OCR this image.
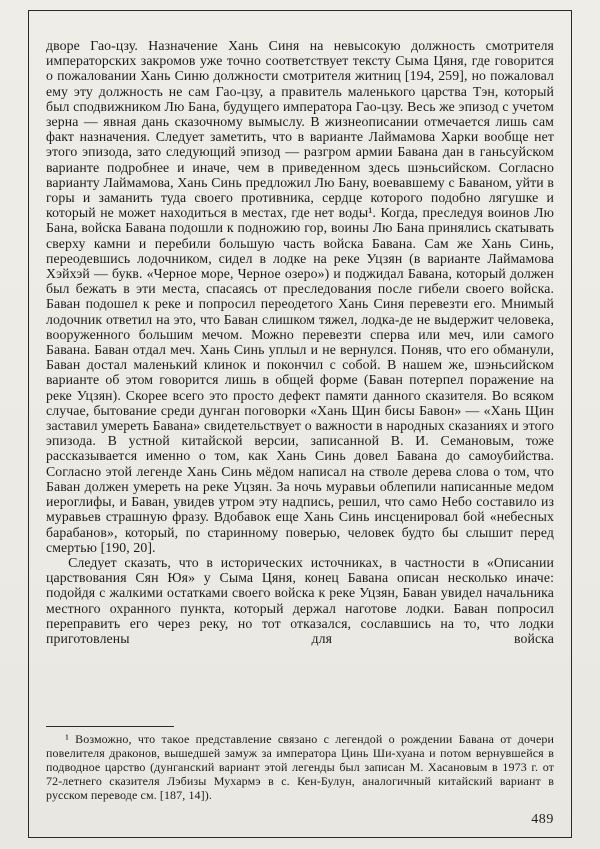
дворе Гао-цзу. Назначение Хань Синя на невысокую должность смотрителя императорских закромов уже точно соответствует тексту Сыма Цяня, где говорится о пожаловании Хань Синю должности смотрителя житниц [194, 259], но пожаловал ему эту должность не сам Гао-цзу, а правитель маленького царства Тэн, который был сподвижником Лю Бана, будущего императора Гао-цзу. Весь же эпизод с учетом зерна — явная дань сказочному вымыслу. В жизнеописании отмечается лишь сам факт назначения. Следует заметить, что в варианте Лаймамова Харки вообще нет этого эпизода, зато следующий эпизод — разгром армии Бавана дан в ганьсуйском варианте подробнее и иначе, чем в приведенном здесь шэньсийском. Согласно варианту Лаймамова, Хань Синь предложил Лю Бану, воевавшему с Баваном, уйти в горы и заманить туда своего противника, сердце которого подобно лягушке и который не может находиться в местах, где нет воды¹. Когда, преследуя воинов Лю Бана, войска Бавана подошли к подножию гор, воины Лю Бана принялись скатывать сверху камни и перебили большую часть войска Бавана. Сам же Хань Синь, переодевшись лодочником, сидел в лодке на реке Уцзян (в варианте Лаймамова Хэйхэй — букв. «Черное море, Черное озеро») и поджидал Бавана, который должен был бежать в эти места, спасаясь от преследования после гибели своего войска. Баван подошел к реке и попросил переодетого Хань Синя перевезти его. Мнимый лодочник ответил на это, что Баван слишком тяжел, лодка-де не выдержит человека, вооруженного большим мечом. Можно перевезти сперва или меч, или самого Бавана. Баван отдал меч. Хань Синь уплыл и не вернулся. Поняв, что его обманули, Баван достал маленький клинок и покончил с собой. В нашем же, шэньсийском варианте об этом говорится лишь в общей форме (Баван потерпел поражение на реке Уцзян). Скорее всего это просто дефект памяти данного сказителя. Во всяком случае, бытование среди дунган поговорки «Хань Щин бисы Бавон» — «Хань Щин заставил умереть Бавана» свидетельствует о важности в народных сказаниях и этого эпизода. В устной китайской версии, записанной В. И. Семановым, тоже рассказывается именно о том, как Хань Синь довел Бавана до самоубийства. Согласно этой легенде Хань Синь мёдом написал на стволе дерева слова о том, что Баван должен умереть на реке Уцзян. За ночь муравьи облепили написанные медом иероглифы, и Баван, увидев утром эту надпись, решил, что само Небо составило из муравьев страшную фразу. Вдобавок еще Хань Синь инсценировал бой «небесных барабанов», который, по старинному поверью, человек будто бы слышит перед смертью [190, 20].

Следует сказать, что в исторических источниках, в частности в «Описании царствования Сян Юя» у Сыма Цяня, конец Бавана описан несколько иначе: подойдя с жалкими остатками своего войска к реке Уцзян, Баван увидел начальника местного охранного пункта, который держал наготове лодки. Баван попросил переправить его через реку, но тот отказался, сославшись на то, что лодки приготовлены для войска

¹ Возможно, что такое представление связано с легендой о рождении Бавана от дочери повелителя драконов, вышедшей замуж за императора Цинь Ши-хуана и потом вернувшейся в подводное царство (дунганский вариант этой легенды был записан М. Хасановым в 1973 г. от 72-летнего сказителя Лэбизы Мухармэ в с. Кен-Булун, аналогичный китайский вариант в русском переводе см. [187, 14]).

489
